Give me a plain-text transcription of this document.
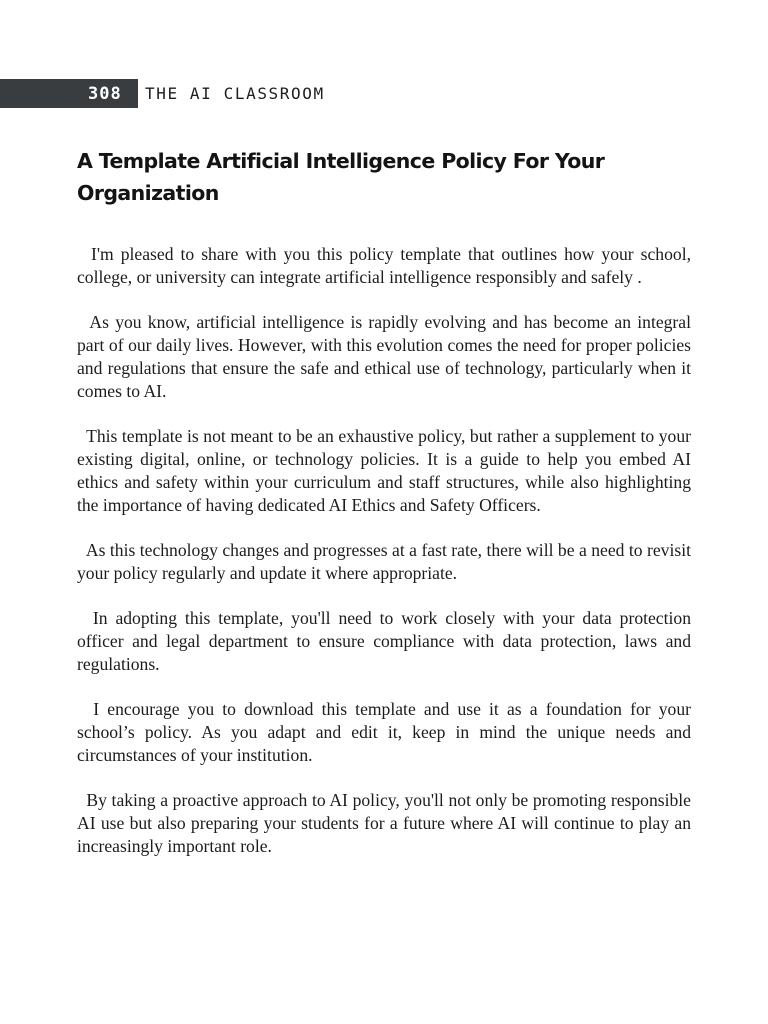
308	THE AI CLASSROOM
A Template Artificial Intelligence Policy For Your Organization

I'm pleased to share with you this policy template that outlines how your school, college, or university can integrate artificial intelligence responsibly and safely .

As you know, artificial intelligence is rapidly evolving and has become an integral part of our daily lives. However, with this evolution comes the need for proper policies and regulations that ensure the safe and ethical use of technology, particularly when it comes to AI.

This template is not meant to be an exhaustive policy, but rather a supplement to your existing digital, online, or technology policies. It is a guide to help you embed AI ethics and safety within your curriculum and staff structures, while also highlighting the importance of having dedicated AI Ethics and Safety Officers.

As this technology changes and progresses at a fast rate, there will be a need to revisit your policy regularly and update it where appropriate.

In adopting this template, you'll need to work closely with your data protection officer and legal department to ensure compliance with data protection, laws and regulations.

I encourage you to download this template and use it as a foundation for your school’s policy. As you adapt and edit it, keep in mind the unique needs and circumstances of your institution.

By taking a proactive approach to AI policy, you'll not only be promoting responsible AI use but also preparing your students for a future where AI will continue to play an increasingly important role.
